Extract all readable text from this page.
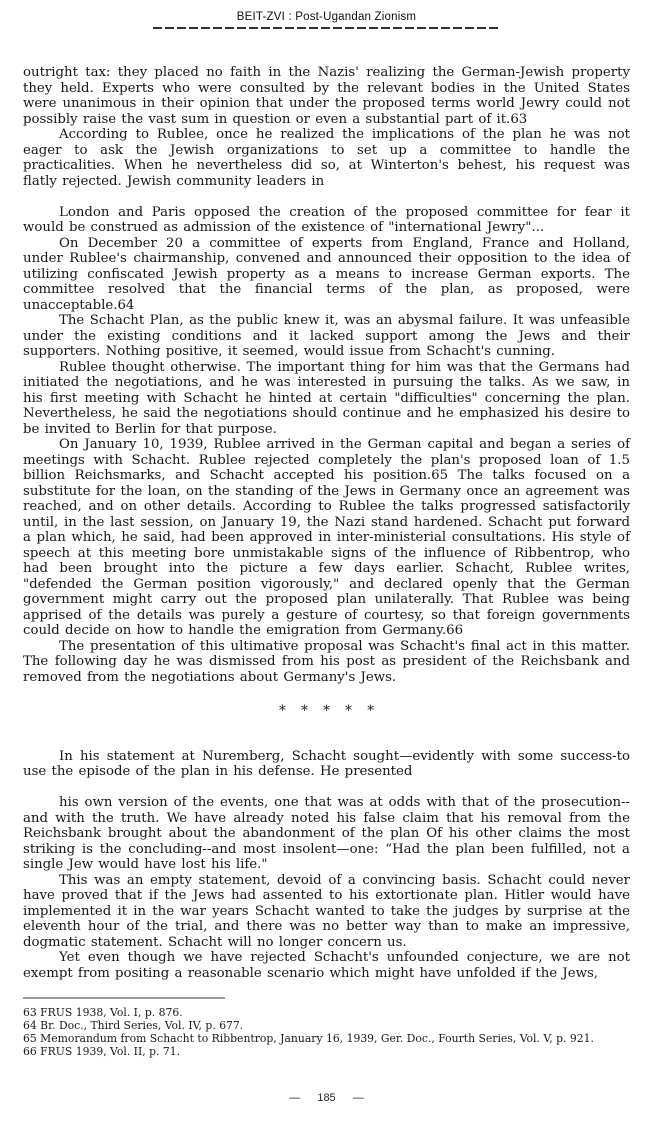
BEIT-ZVI : Post-Ugandan Zionism

outright tax: they placed no faith in the Nazis' realizing the German-Jewish property they held. Experts who were consulted by the relevant bodies in the United States were unanimous in their opinion that under the proposed terms world Jewry could not possibly raise the vast sum in question or even a substantial part of it.63

According to Rublee, once he realized the implications of the plan he was not eager to ask the Jewish organizations to set up a committee to handle the practicalities. When he nevertheless did so, at Winterton's behest, his request was flatly rejected. Jewish community leaders in

London and Paris opposed the creation of the proposed committee for fear it would be construed as admission of the existence of "international Jewry"...

On December 20 a committee of experts from England, France and Holland, under Rublee's chairmanship, convened and announced their opposition to the idea of utilizing confiscated Jewish property as a means to increase German exports. The committee resolved that the financial terms of the plan, as proposed, were unacceptable.64

The Schacht Plan, as the public knew it, was an abysmal failure. It was unfeasible under the existing conditions and it lacked support among the Jews and their supporters. Nothing positive, it seemed, would issue from Schacht's cunning.

Rublee thought otherwise. The important thing for him was that the Germans had initiated the negotiations, and he was interested in pursuing the talks. As we saw, in his first meeting with Schacht he hinted at certain "difficulties" concerning the plan. Nevertheless, he said the negotiations should continue and he emphasized his desire to be invited to Berlin for that purpose.

On January 10, 1939, Rublee arrived in the German capital and began a series of meetings with Schacht. Rublee rejected completely the plan's proposed loan of 1.5 billion Reichsmarks, and Schacht accepted his position.65 The talks focused on a substitute for the loan, on the standing of the Jews in Germany once an agreement was reached, and on other details. According to Rublee the talks progressed satisfactorily until, in the last session, on January 19, the Nazi stand hardened. Schacht put forward a plan which, he said, had been approved in inter-ministerial consultations. His style of speech at this meeting bore unmistakable signs of the influence of Ribbentrop, who had been brought into the picture a few days earlier. Schacht, Rublee writes, "defended the German position vigorously," and declared openly that the German government might carry out the proposed plan unilaterally. That Rublee was being apprised of the details was purely a gesture of courtesy, so that foreign governments could decide on how to handle the emigration from Germany.66

The presentation of this ultimative proposal was Schacht's final act in this matter. The following day he was dismissed from his post as president of the Reichsbank and removed from the negotiations about Germany's Jews.

* * * * *

In his statement at Nuremberg, Schacht sought—evidently with some success-to use the episode of the plan in his defense. He presented

his own version of the events, one that was at odds with that of the prosecution-- and with the truth. We have already noted his false claim that his removal from the Reichsbank brought about the abandonment of the plan Of his other claims the most striking is the concluding--and most insolent—one: “Had the plan been fulfilled, not a single Jew would have lost his life."

This was an empty statement, devoid of a convincing basis. Schacht could never have proved that if the Jews had assented to his extortionate plan. Hitler would have implemented it in the war years Schacht wanted to take the judges by surprise at the eleventh hour of the trial, and there was no better way than to make an impressive, dogmatic statement. Schacht will no longer concern us.

Yet even though we have rejected Schacht's unfounded conjecture, we are not exempt from positing a reasonable scenario which might have unfolded if the Jews,

63 FRUS 1938, Vol. I, p. 876.
64 Br. Doc., Third Series, Vol. IV, p. 677.
65 Memorandum from Schacht to Ribbentrop, January 16, 1939, Ger. Doc., Fourth Series, Vol. V, p. 921.
66 FRUS 1939, Vol. II, p. 71.
— 185 —
